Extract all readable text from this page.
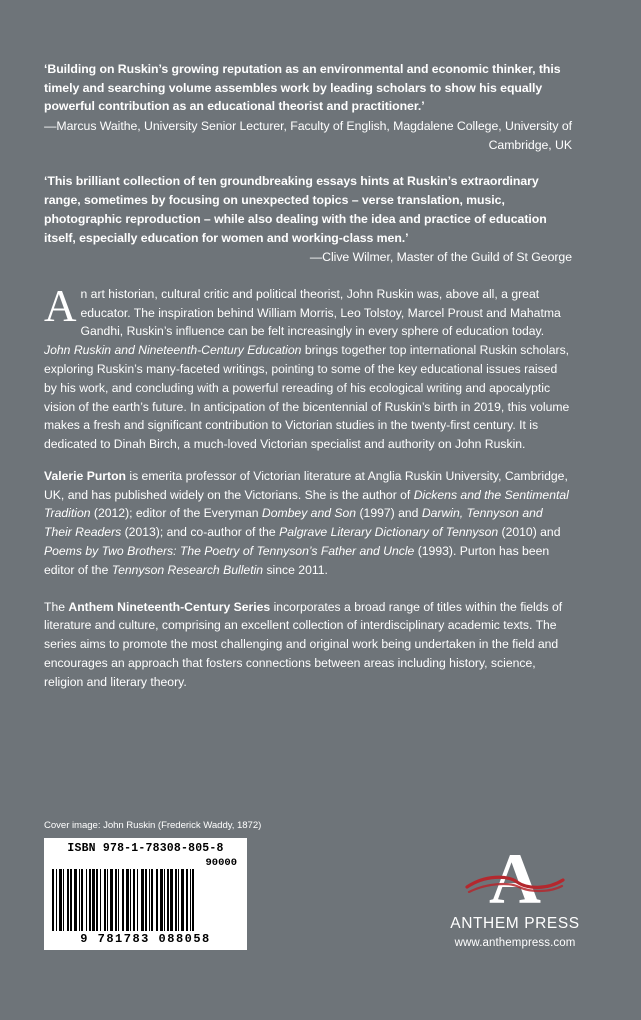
‘Building on Ruskin’s growing reputation as an environmental and economic thinker, this timely and searching volume assembles work by leading scholars to show his equally powerful contribution as an educational theorist and practitioner.’
—Marcus Waithe, University Senior Lecturer, Faculty of English, Magdalene College, University of Cambridge, UK
‘This brilliant collection of ten groundbreaking essays hints at Ruskin’s extraordinary range, sometimes by focusing on unexpected topics – verse translation, music, photographic reproduction – while also dealing with the idea and practice of education itself, especially education for women and working-class men.’
—Clive Wilmer, Master of the Guild of St George
An art historian, cultural critic and political theorist, John Ruskin was, above all, a great educator. The inspiration behind William Morris, Leo Tolstoy, Marcel Proust and Mahatma Gandhi, Ruskin’s influence can be felt increasingly in every sphere of education today. John Ruskin and Nineteenth-Century Education brings together top international Ruskin scholars, exploring Ruskin’s many-faceted writings, pointing to some of the key educational issues raised by his work, and concluding with a powerful rereading of his ecological writing and apocalyptic vision of the earth’s future. In anticipation of the bicentennial of Ruskin’s birth in 2019, this volume makes a fresh and significant contribution to Victorian studies in the twenty-first century. It is dedicated to Dinah Birch, a much-loved Victorian specialist and authority on John Ruskin.
Valerie Purton is emerita professor of Victorian literature at Anglia Ruskin University, Cambridge, UK, and has published widely on the Victorians. She is the author of Dickens and the Sentimental Tradition (2012); editor of the Everyman Dombey and Son (1997) and Darwin, Tennyson and Their Readers (2013); and co-author of the Palgrave Literary Dictionary of Tennyson (2010) and Poems by Two Brothers: The Poetry of Tennyson’s Father and Uncle (1993). Purton has been editor of the Tennyson Research Bulletin since 2011.
The Anthem Nineteenth-Century Series incorporates a broad range of titles within the fields of literature and culture, comprising an excellent collection of interdisciplinary academic texts. The series aims to promote the most challenging and original work being undertaken in the field and encourages an approach that fosters connections between areas including history, science, religion and literary theory.
Cover image: John Ruskin (Frederick Waddy, 1872)
ISBN 978-1-78308-805-8
90000
9 781783 088058
A
ANTHEM PRESS
www.anthempress.com
